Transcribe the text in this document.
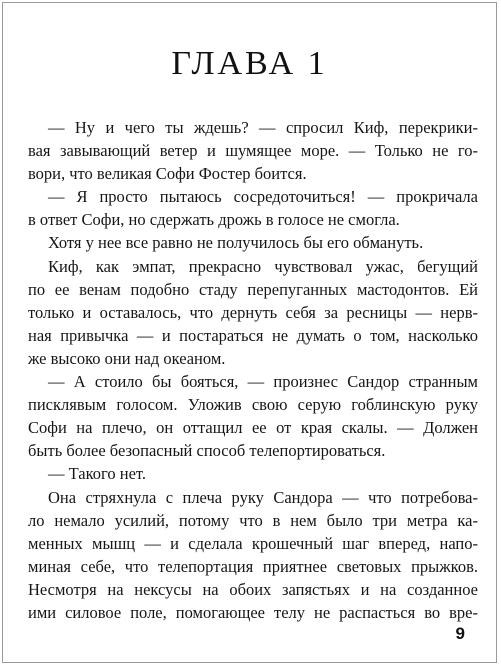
ГЛАВА 1
— Ну и чего ты ждешь? — спросил Киф, перекрики-
вая завывающий ветер и шумящее море. — Только не го-
вори, что великая Софи Фостер боится.
— Я просто пытаюсь сосредоточиться! — прокричала
в ответ Софи, но сдержать дрожь в голосе не смогла.
Хотя у нее все равно не получилось бы его обмануть.
Киф, как эмпат, прекрасно чувствовал ужас, бегущий
по ее венам подобно стаду перепуганных мастодонтов. Ей
только и оставалось, что дернуть себя за ресницы — нерв-
ная привычка — и постараться не думать о том, насколько
же высоко они над океаном.
— А стоило бы бояться, — произнес Сандор странным
писклявым голосом. Уложив свою серую гоблинскую руку
Софи на плечо, он оттащил ее от края скалы. — Должен
быть более безопасный способ телепортироваться.
— Такого нет.
Она стряхнула с плеча руку Сандора — что потребова-
ло немало усилий, потому что в нем было три метра ка-
менных мышц — и сделала крошечный шаг вперед, напо-
миная себе, что телепортация приятнее световых прыжков.
Несмотря на нексусы на обоих запястьях и на созданное
ими силовое поле, помогающее телу не распасться во вре-
9
